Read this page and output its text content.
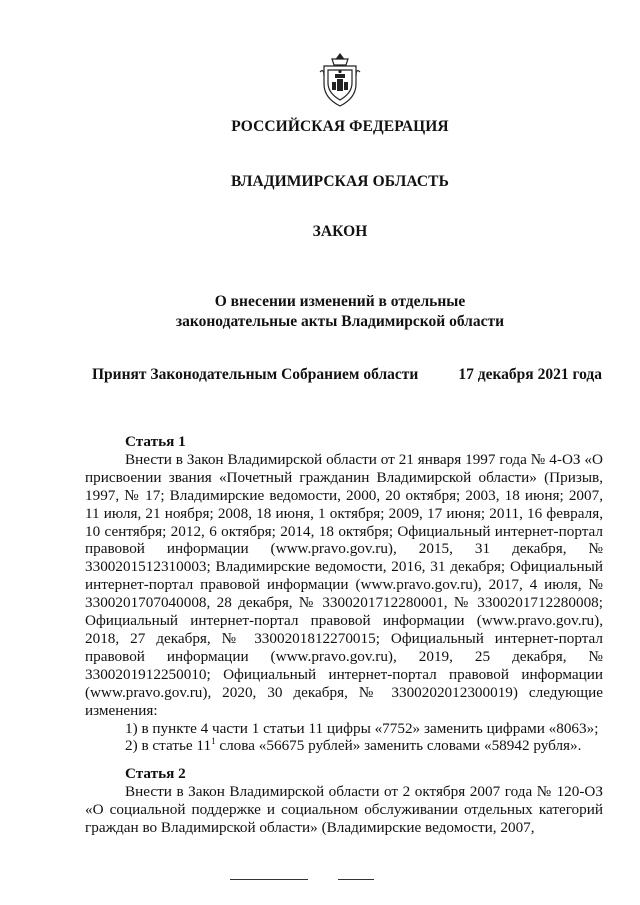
РОССИЙСКАЯ ФЕДЕРАЦИЯ
ВЛАДИМИРСКАЯ ОБЛАСТЬ
ЗАКОН
О внесении изменений в отдельные
законодательные акты Владимирской области
Принят Законодательным Собранием области	17 декабря 2021 года
Статья 1

Внести в Закон Владимирской области от 21 января 1997 года № 4-ОЗ «О присвоении звания «Почетный гражданин Владимирской области» (Призыв, 1997, № 17; Владимирские ведомости, 2000, 20 октября; 2003, 18 июня; 2007, 11 июля, 21 ноября; 2008, 18 июня, 1 октября; 2009, 17 июня; 2011, 16 февраля, 10 сентября; 2012, 6 октября; 2014, 18 октября; Официальный интернет-портал правовой информации (www.pravo.gov.ru), 2015, 31 декабря, № 3300201512310003; Владимирские ведомости, 2016, 31 декабря; Официальный интернет-портал правовой информации (www.pravo.gov.ru), 2017, 4 июля, № 3300201707040008, 28 декабря, № 3300201712280001, № 3300201712280008; Официальный интернет-портал правовой информации (www.pravo.gov.ru), 2018, 27 декабря, № 3300201812270015; Официальный интернет-портал правовой информации (www.pravo.gov.ru), 2019, 25 декабря, № 3300201912250010; Официальный интернет-портал правовой информации (www.pravo.gov.ru), 2020, 30 декабря, № 3300202012300019) следующие изменения:

1) в пункте 4 части 1 статьи 11 цифры «7752» заменить цифрами «8063»;

2) в статье $11^1$ слова «56675 рублей» заменить словами «58942 рубля».

Статья 2

Внести в Закон Владимирской области от 2 октября 2007 года № 120-ОЗ «О социальной поддержке и социальном обслуживании отдельных категорий граждан во Владимирской области» (Владимирские ведомости, 2007,
